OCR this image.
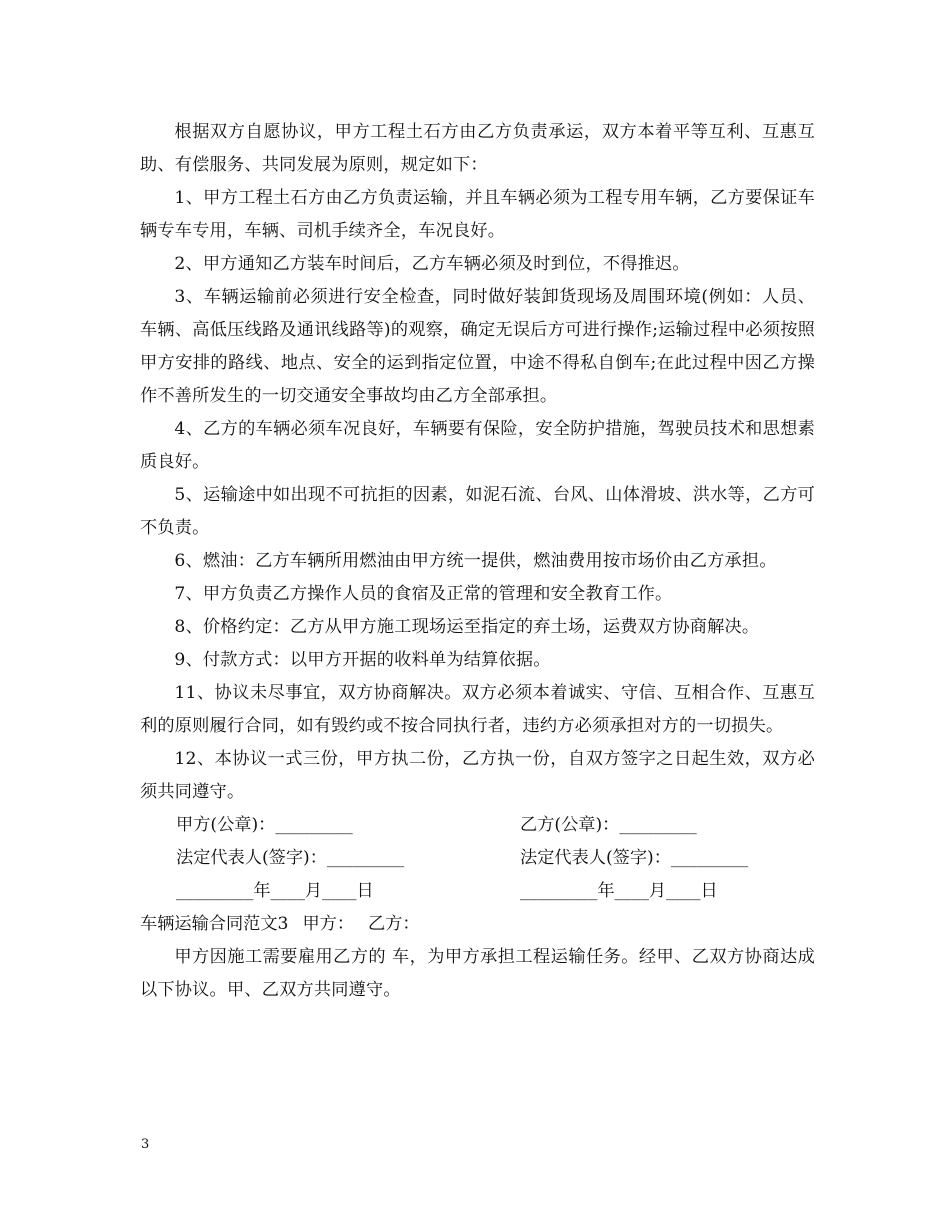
根据双方自愿协议，甲方工程土石方由乙方负责承运，双方本着平等互利、互惠互助、有偿服务、共同发展为原则，规定如下：

1、甲方工程土石方由乙方负责运输，并且车辆必须为工程专用车辆，乙方要保证车辆专车专用，车辆、司机手续齐全，车况良好。

2、甲方通知乙方装车时间后，乙方车辆必须及时到位，不得推迟。

3、车辆运输前必须进行安全检查，同时做好装卸货现场及周围环境(例如：人员、车辆、高低压线路及通讯线路等)的观察，确定无误后方可进行操作;运输过程中必须按照甲方安排的路线、地点、安全的运到指定位置，中途不得私自倒车;在此过程中因乙方操作不善所发生的一切交通安全事故均由乙方全部承担。

4、乙方的车辆必须车况良好，车辆要有保险，安全防护措施，驾驶员技术和思想素质良好。

5、运输途中如出现不可抗拒的因素，如泥石流、台风、山体滑坡、洪水等，乙方可不负责。

6、燃油：乙方车辆所用燃油由甲方统一提供，燃油费用按市场价由乙方承担。

7、甲方负责乙方操作人员的食宿及正常的管理和安全教育工作。

8、价格约定：乙方从甲方施工现场运至指定的弃土场，运费双方协商解决。

9、付款方式：以甲方开据的收料单为结算依据。

11、协议未尽事宜，双方协商解决。双方必须本着诚实、守信、互相合作、互惠互利的原则履行合同，如有毁约或不按合同执行者，违约方必须承担对方的一切损失。

12、本协议一式三份，甲方执二份，乙方执一份，自双方签字之日起生效，双方必须共同遵守。

甲方(公章)：_________	乙方(公章)：_________
法定代表人(签字)：_________	法定代表人(签字)：_________
_________年____月____日	_________年____月____日

车辆运输合同范文3 甲方： 乙方：

甲方因施工需要雇用乙方的 车，为甲方承担工程运输任务。经甲、乙双方协商达成以下协议。甲、乙双方共同遵守。

3
